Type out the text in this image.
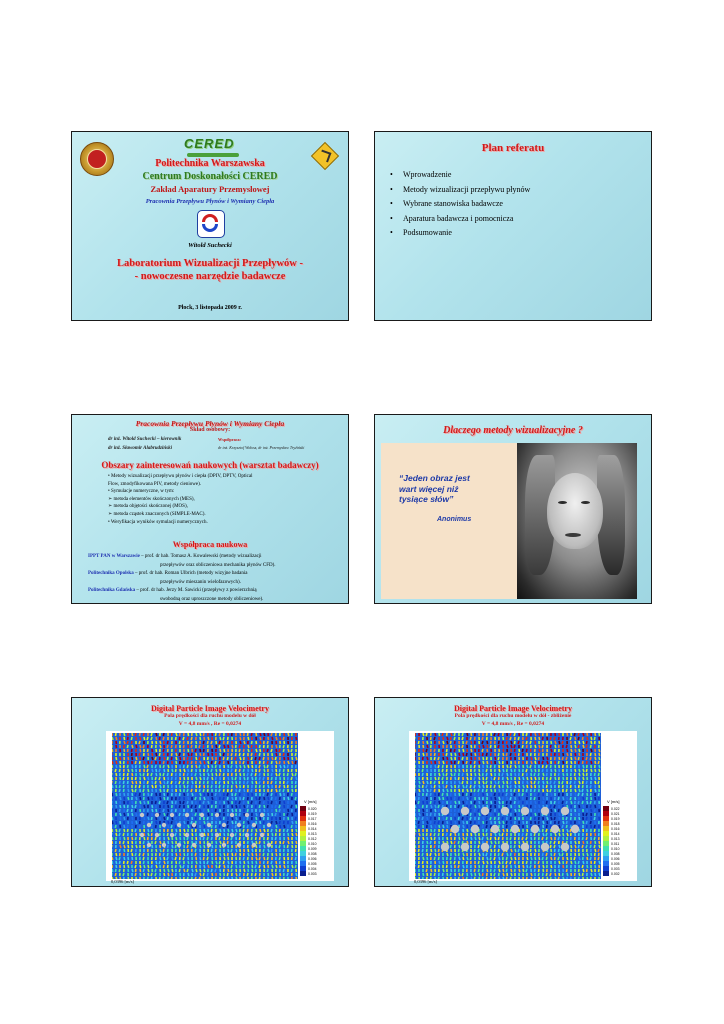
CERED
Politechnika Warszawska
Centrum Doskonałości CERED
Zakład Aparatury Przemysłowej
Pracownia Przepływu Płynów i Wymiany Ciepła
Witold Suchecki
Laboratorium Wizualizacji Przepływów -
- nowoczesne narzędzie badawcze
Płock, 3 listopada 2009 r.
Plan referatu
• Wprowadzenie
• Metody wizualizacji przepływu płynów
• Wybrane stanowiska badawcze
• Aparatura badawcza i pomocnicza
• Podsumowanie
Pracownia Przepływu Płynów i Wymiany Ciepła
Skład osobowy:
dr inż. Witold Suchecki – kierownik
dr inż. Sławomir Alabrudziński
Współpraca:
dr inż. Krzysztof Wołosz, dr inż. Przemysław Tryźiński
Obszary zainteresowań naukowych (warsztat badawczy)
• Metody wizualizacji przepływu płynów i ciepła (DPIV, DPTV, Optical
Flow, zmodyfikowana PIV, metody cieniowe).
• Symulacje numeryczne, w tym:
➢ metoda elementów skończonych (MES),
➢ metoda objętości skończonej (MOS),
➢ metoda cząstek znaczonych (SIMPLE-MAC).
• Weryfikacja wyników symulacji numerycznych.
Współpraca naukowa
IPPT PAN w Warszawie – prof. dr hab. Tomasz A. Kowalewski (metody wizualizacji
przepływów oraz obliczeniowa mechanika płynów CFD).
Politechnika Opolska – prof. dr hab. Roman Ulbrich (metody wizyjne badania
przepływów mieszanin wielofazowych).
Politechnika Gdańska – prof. dr hab. Jerzy M. Sawicki (przepływy z powierzchnią
swobodną oraz uproszczone metody obliczeniowe).
Dlaczego metody wizualizacyjne ?
“Jeden obraz jest
wart więcej niż
tysiące słów”
Anonimus
Digital Particle Image Velocimetry
Pola prędkości dla ruchu modelu w dół
V = 4,8 mm/s , Re = 0,0274
V [m/s]
0.020
0.019
0.017
0.016
0.014
0.013
0.012
0.010
0.009
0.008
0.006
0.005
0.004
0.003
0,0396 [m/s]
Digital Particle Image Velocimetry
Pola prędkości dla ruchu modelu w dół - zbliżenie
V = 4,8 mm/s , Re = 0,0274
V [m/s]
0.022
0.021
0.019
0.018
0.016
0.014
0.013
0.011
0.010
0.008
0.006
0.005
0.003
0.002
0,0396 [m/s]
